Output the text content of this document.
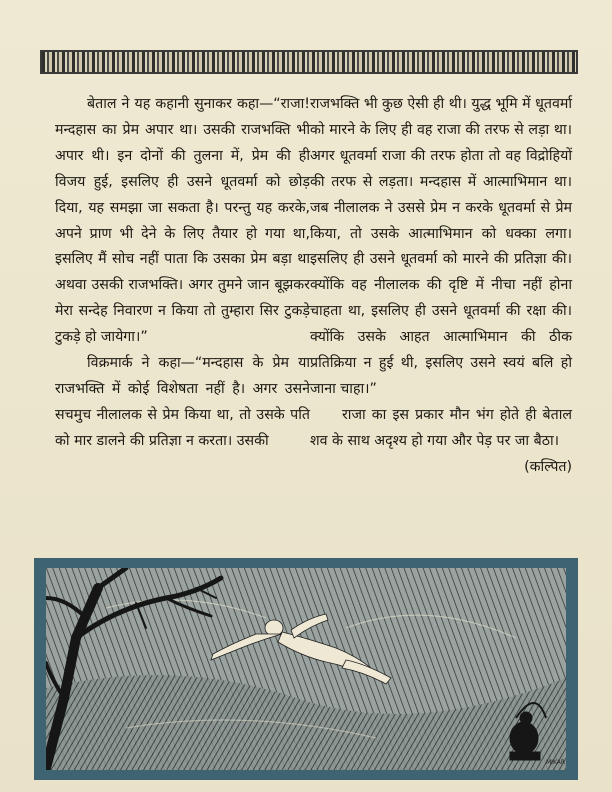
बेताल ने यह कहानी सुनाकर कहा—“राजा! मन्दहास का प्रेम अपार था। उसकी राजभक्ति भी अपार थी। इन दोनों की तुलना में, प्रेम की ही विजय हुई, इसलिए ही उसने धूतवर्मा को छोड़ दिया, यह समझा जा सकता है। परन्तु यह करके, अपने प्राण भी देने के लिए तैयार हो गया था, इसलिए मैं सोच नहीं पाता कि उसका प्रेम बड़ा था अथवा उसकी राजभक्ति। अगर तुमने जान बूझकर मेरा सन्देह निवारण न किया तो तुम्हारा सिर टुकड़े टुकड़े हो जायेगा।”

विक्रमार्क ने कहा—“मन्दहास के प्रेम या राजभक्ति में कोई विशेषता नहीं है। अगर उसने सचमुच नीलालक से प्रेम किया था, तो उसके पति को मार डालने की प्रतिज्ञा न करता। उसकी

राजभक्ति भी कुछ ऐसी ही थी। युद्ध भूमि में धूतवर्मा को मारने के लिए ही वह राजा की तरफ से लड़ा था। अगर धूतवर्मा राजा की तरफ होता तो वह विद्रोहियों की तरफ से लड़ता। मन्दहास में आत्माभिमान था। जब नीलालक ने उससे प्रेम न करके धूतवर्मा से प्रेम किया, तो उसके आत्माभिमान को धक्का लगा। इसलिए ही उसने धूतवर्मा को मारने की प्रतिज्ञा की। क्योंकि वह नीलालक की दृष्टि में नीचा नहीं होना चाहता था, इसलिए ही उसने धूतवर्मा की रक्षा की। क्योंकि उसके आहत आत्माभिमान की ठीक प्रतिक्रिया न हुई थी, इसलिए उसने स्वयं बलि हो जाना चाहा।”

राजा का इस प्रकार मौन भंग होते ही बेताल शव के साथ अदृश्य हो गया और पेड़ पर जा बैठा।

(कल्पित)
MIKAR
